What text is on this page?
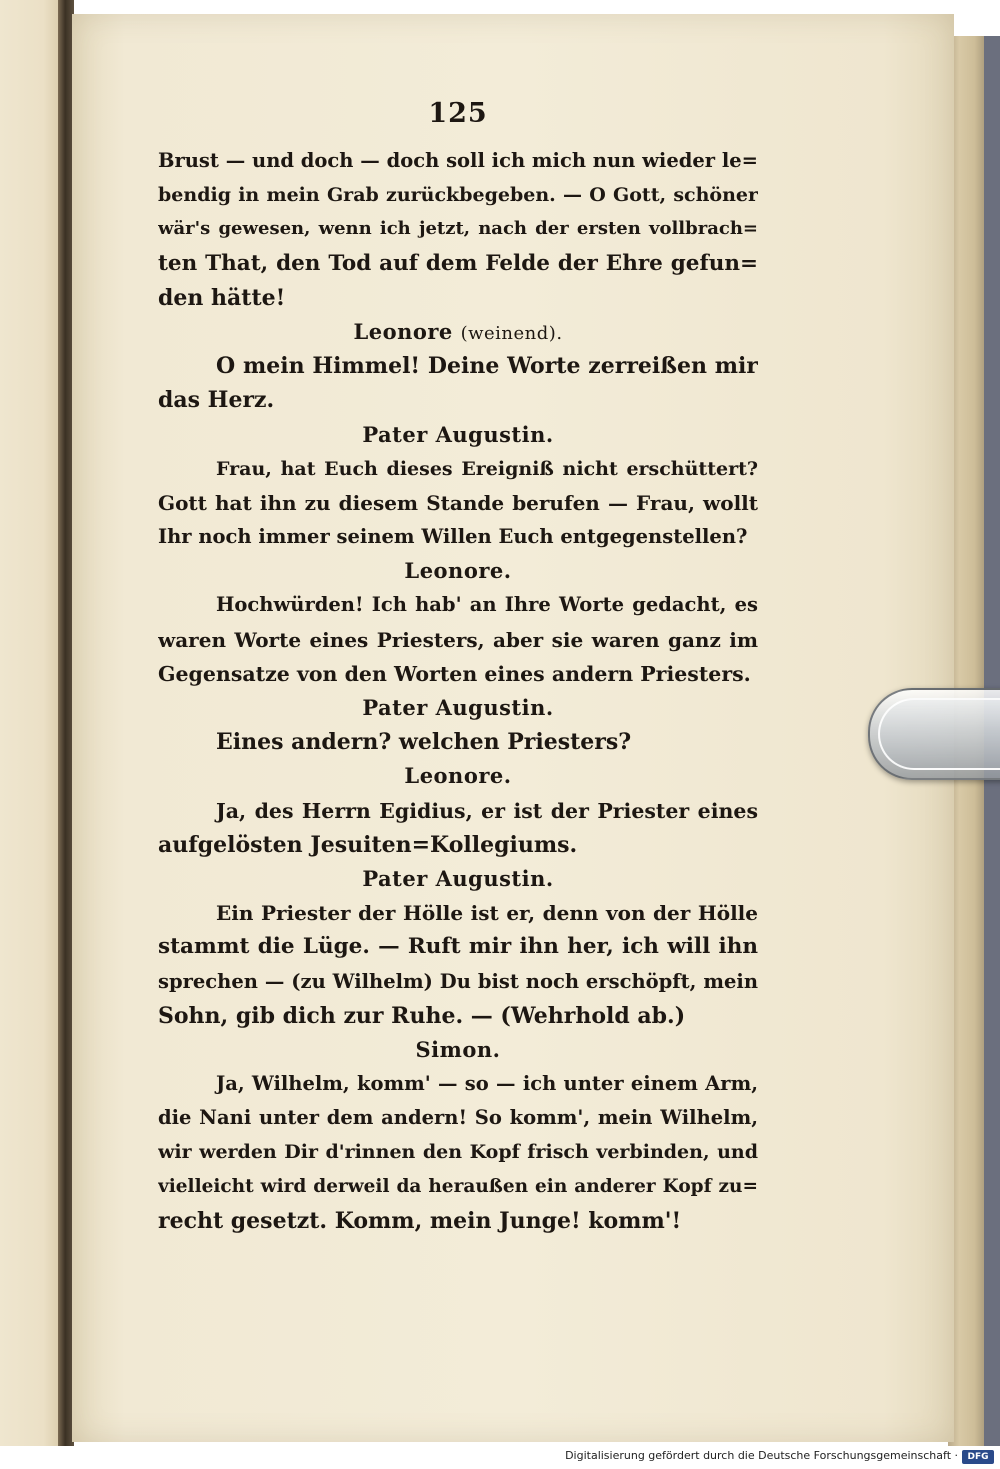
125
Brust — und doch — doch soll ich mich nun wieder le=
bendig in mein Grab zurückbegeben. — O Gott, schöner
wär's gewesen, wenn ich jetzt, nach der ersten vollbrach=
ten That, den Tod auf dem Felde der Ehre gefun=
den hätte!
Leonore (weinend).
O mein Himmel! Deine Worte zerreißen mir
das Herz.
Pater Augustin.
Frau, hat Euch dieses Ereigniß nicht erschüttert?
Gott hat ihn zu diesem Stande berufen — Frau, wollt
Ihr noch immer seinem Willen Euch entgegenstellen?
Leonore.
Hochwürden! Ich hab' an Ihre Worte gedacht, es
waren Worte eines Priesters, aber sie waren ganz im
Gegensatze von den Worten eines andern Priesters.
Pater Augustin.
Eines andern? welchen Priesters?
Leonore.
Ja, des Herrn Egidius, er ist der Priester eines
aufgelösten Jesuiten=Kollegiums.
Pater Augustin.
Ein Priester der Hölle ist er, denn von der Hölle
stammt die Lüge. — Ruft mir ihn her, ich will ihn
sprechen — (zu Wilhelm) Du bist noch erschöpft, mein
Sohn, gib dich zur Ruhe. — (Wehrhold ab.)
Simon.
Ja, Wilhelm, komm' — so — ich unter einem Arm,
die Nani unter dem andern! So komm', mein Wilhelm,
wir werden Dir d'rinnen den Kopf frisch verbinden, und
vielleicht wird derweil da heraußen ein anderer Kopf zu=
recht gesetzt. Komm, mein Junge! komm'!
Digitalisierung gefördert durch die Deutsche Forschungsgemeinschaft ·	DFG
